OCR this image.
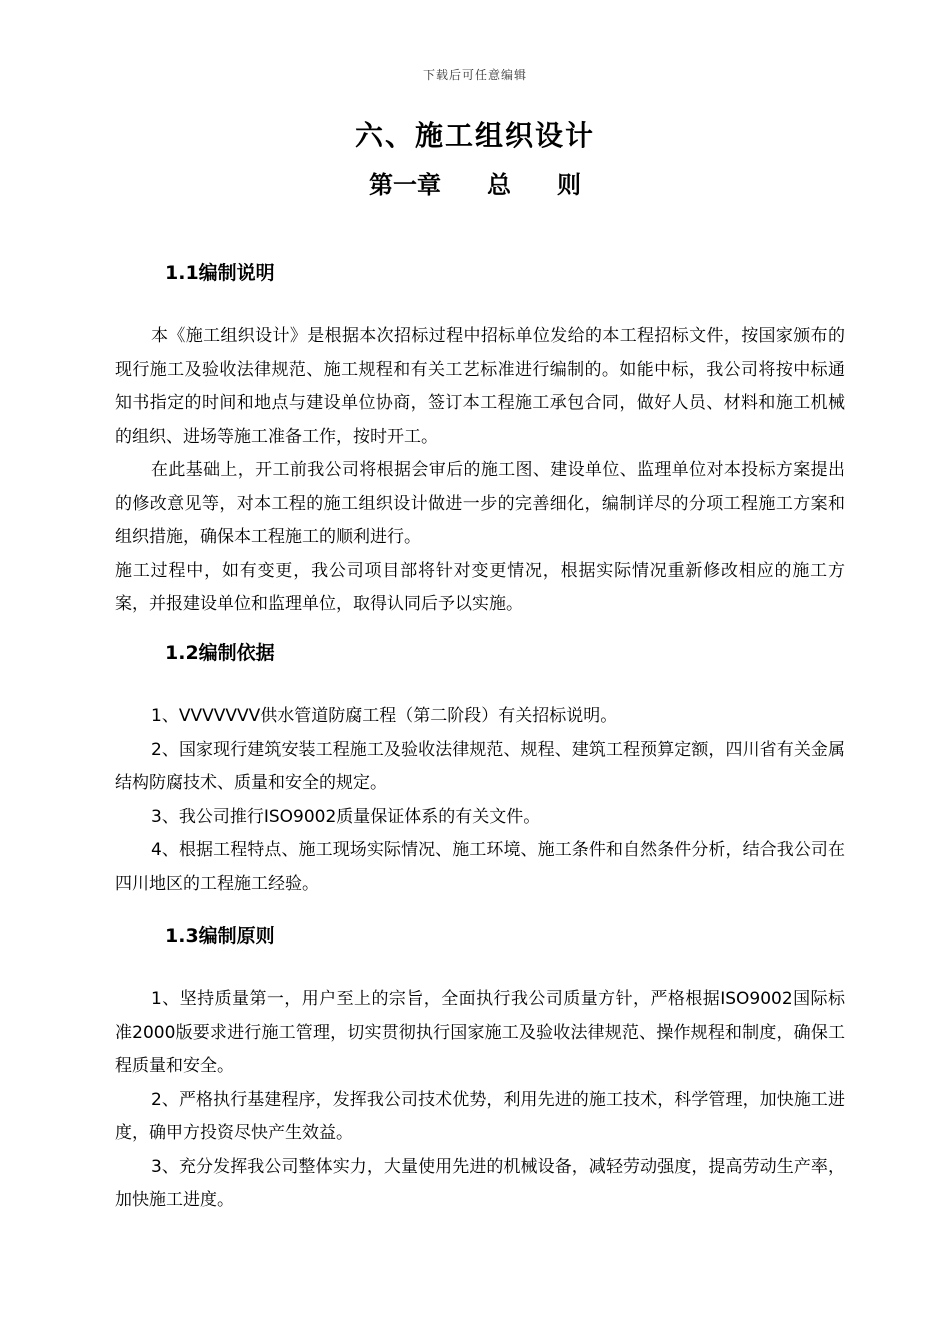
下载后可任意编辑
六、施工组织设计
第一章 总 则
1.1编制说明

本《施工组织设计》是根据本次招标过程中招标单位发给的本工程招标文件，按国家颁布的现行施工及验收法律规范、施工规程和有关工艺标准进行编制的。如能中标，我公司将按中标通知书指定的时间和地点与建设单位协商，签订本工程施工承包合同，做好人员、材料和施工机械的组织、进场等施工准备工作，按时开工。

在此基础上，开工前我公司将根据会审后的施工图、建设单位、监理单位对本投标方案提出的修改意见等，对本工程的施工组织设计做进一步的完善细化，编制详尽的分项工程施工方案和组织措施，确保本工程施工的顺利进行。

施工过程中，如有变更，我公司项目部将针对变更情况，根据实际情况重新修改相应的施工方案，并报建设单位和监理单位，取得认同后予以实施。

1.2编制依据

1、VVVVVVV供水管道防腐工程（第二阶段）有关招标说明。

2、国家现行建筑安装工程施工及验收法律规范、规程、建筑工程预算定额，四川省有关金属结构防腐技术、质量和安全的规定。

3、我公司推行ISO9002质量保证体系的有关文件。

4、根据工程特点、施工现场实际情况、施工环境、施工条件和自然条件分析，结合我公司在四川地区的工程施工经验。

1.3编制原则

1、坚持质量第一，用户至上的宗旨，全面执行我公司质量方针，严格根据ISO9002国际标准2000版要求进行施工管理，切实贯彻执行国家施工及验收法律规范、操作规程和制度，确保工程质量和安全。

2、严格执行基建程序，发挥我公司技术优势，利用先进的施工技术，科学管理，加快施工进度，确甲方投资尽快产生效益。

3、充分发挥我公司整体实力，大量使用先进的机械设备，减轻劳动强度，提高劳动生产率，加快施工进度。
